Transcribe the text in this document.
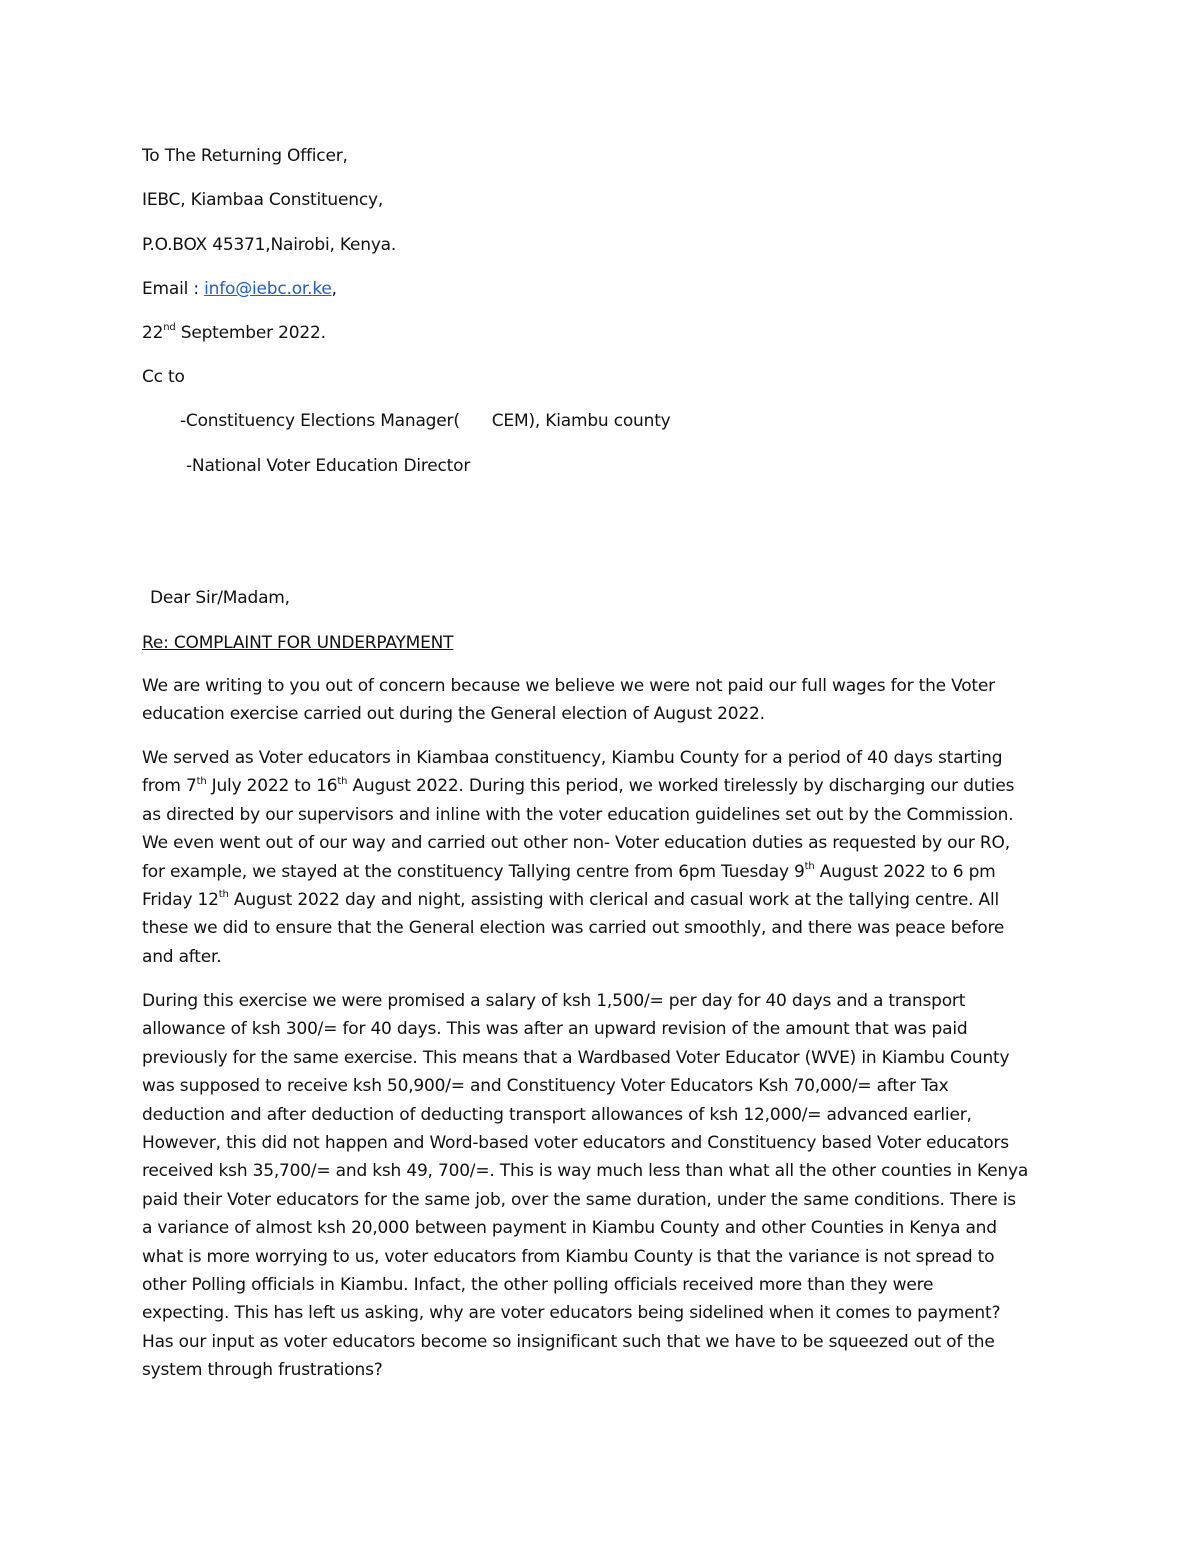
To The Returning Officer,
IEBC, Kiambaa Constituency,
P.O.BOX 45371,Nairobi, Kenya.
Email : info@iebc.or.ke,
22nd September 2022.
Cc to
-Constituency Elections Manager( CEM), Kiambu county
-National Voter Education Director
Dear Sir/Madam,
Re: COMPLAINT FOR UNDERPAYMENT
We are writing to you out of concern because we believe we were not paid our full wages for the Voter
education exercise carried out during the General election of August 2022.
We served as Voter educators in Kiambaa constituency, Kiambu County for a period of 40 days starting
from 7th July 2022 to 16th August 2022. During this period, we worked tirelessly by discharging our duties
as directed by our supervisors and inline with the voter education guidelines set out by the Commission.
We even went out of our way and carried out other non- Voter education duties as requested by our RO,
for example, we stayed at the constituency Tallying centre from 6pm Tuesday 9th August 2022 to 6 pm
Friday 12th August 2022 day and night, assisting with clerical and casual work at the tallying centre. All
these we did to ensure that the General election was carried out smoothly, and there was peace before
and after.
During this exercise we were promised a salary of ksh 1,500/= per day for 40 days and a transport
allowance of ksh 300/= for 40 days. This was after an upward revision of the amount that was paid
previously for the same exercise. This means that a Wardbased Voter Educator (WVE) in Kiambu County
was supposed to receive ksh 50,900/= and Constituency Voter Educators Ksh 70,000/= after Tax
deduction and after deduction of deducting transport allowances of ksh 12,000/= advanced earlier,
However, this did not happen and Word-based voter educators and Constituency based Voter educators
received ksh 35,700/= and ksh 49, 700/=. This is way much less than what all the other counties in Kenya
paid their Voter educators for the same job, over the same duration, under the same conditions. There is
a variance of almost ksh 20,000 between payment in Kiambu County and other Counties in Kenya and
what is more worrying to us, voter educators from Kiambu County is that the variance is not spread to
other Polling officials in Kiambu. Infact, the other polling officials received more than they were
expecting. This has left us asking, why are voter educators being sidelined when it comes to payment?
Has our input as voter educators become so insignificant such that we have to be squeezed out of the
system through frustrations?
